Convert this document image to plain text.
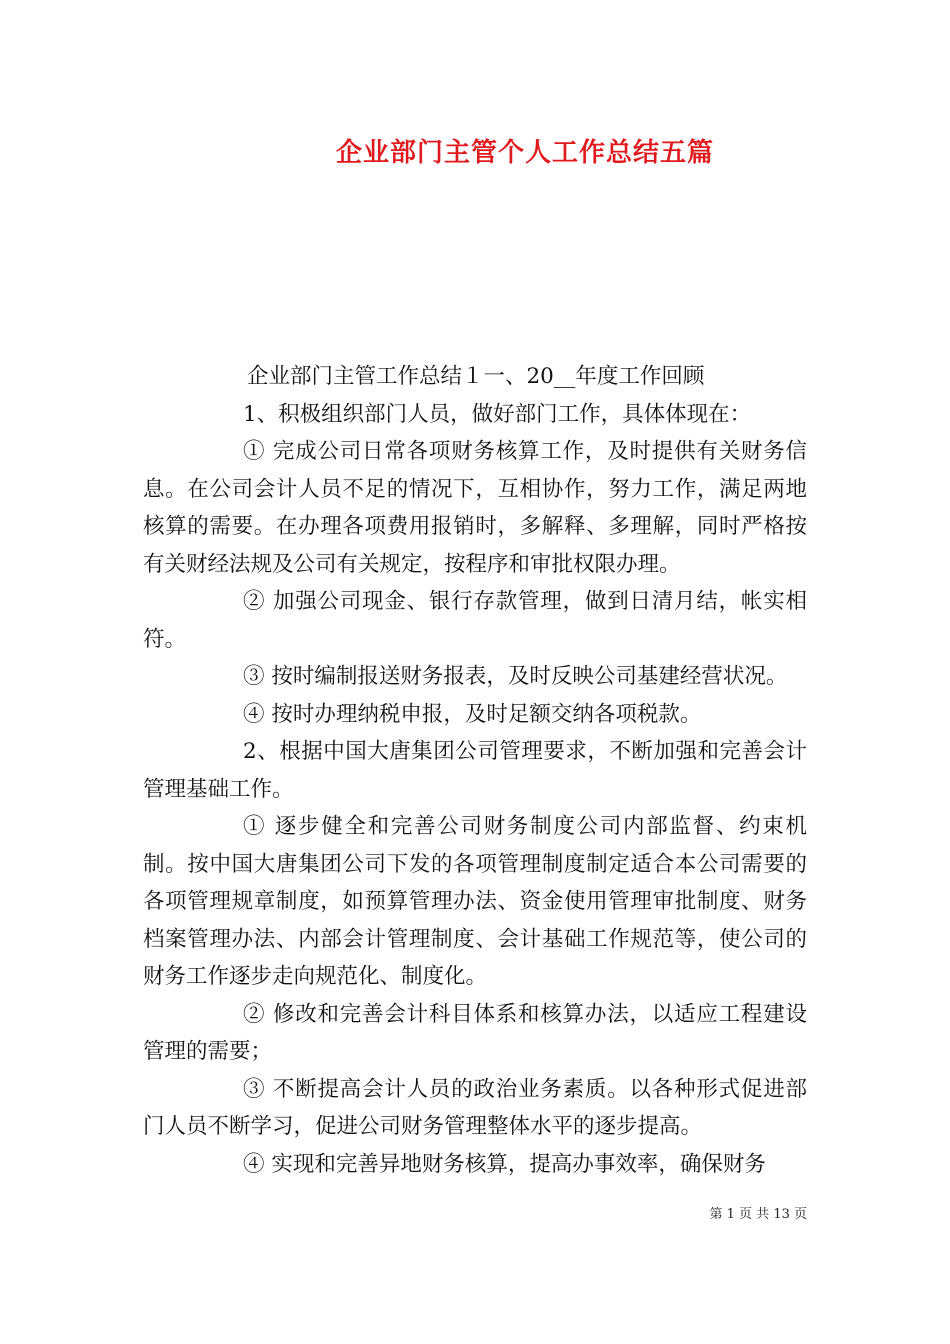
企业部门主管个人工作总结五篇

企业部门主管工作总结１一、20__年度工作回顾

1、积极组织部门人员，做好部门工作，具体体现在：

① 完成公司日常各项财务核算工作，及时提供有关财务信息。在公司会计人员不足的情况下，互相协作，努力工作，满足两地核算的需要。在办理各项费用报销时，多解释、多理解，同时严格按有关财经法规及公司有关规定，按程序和审批权限办理。

② 加强公司现金、银行存款管理，做到日清月结，帐实相符。

③ 按时编制报送财务报表，及时反映公司基建经营状况。

④ 按时办理纳税申报，及时足额交纳各项税款。

2、根据中国大唐集团公司管理要求，不断加强和完善会计管理基础工作。

① 逐步健全和完善公司财务制度公司内部监督、约束机制。按中国大唐集团公司下发的各项管理制度制定适合本公司需要的各项管理规章制度，如预算管理办法、资金使用管理审批制度、财务档案管理办法、内部会计管理制度、会计基础工作规范等，使公司的财务工作逐步走向规范化、制度化。

② 修改和完善会计科目体系和核算办法，以适应工程建设管理的需要；

③ 不断提高会计人员的政治业务素质。以各种形式促进部门人员不断学习，促进公司财务管理整体水平的逐步提高。

④ 实现和完善异地财务核算，提高办事效率，确保财务

第 1 页 共 13 页
